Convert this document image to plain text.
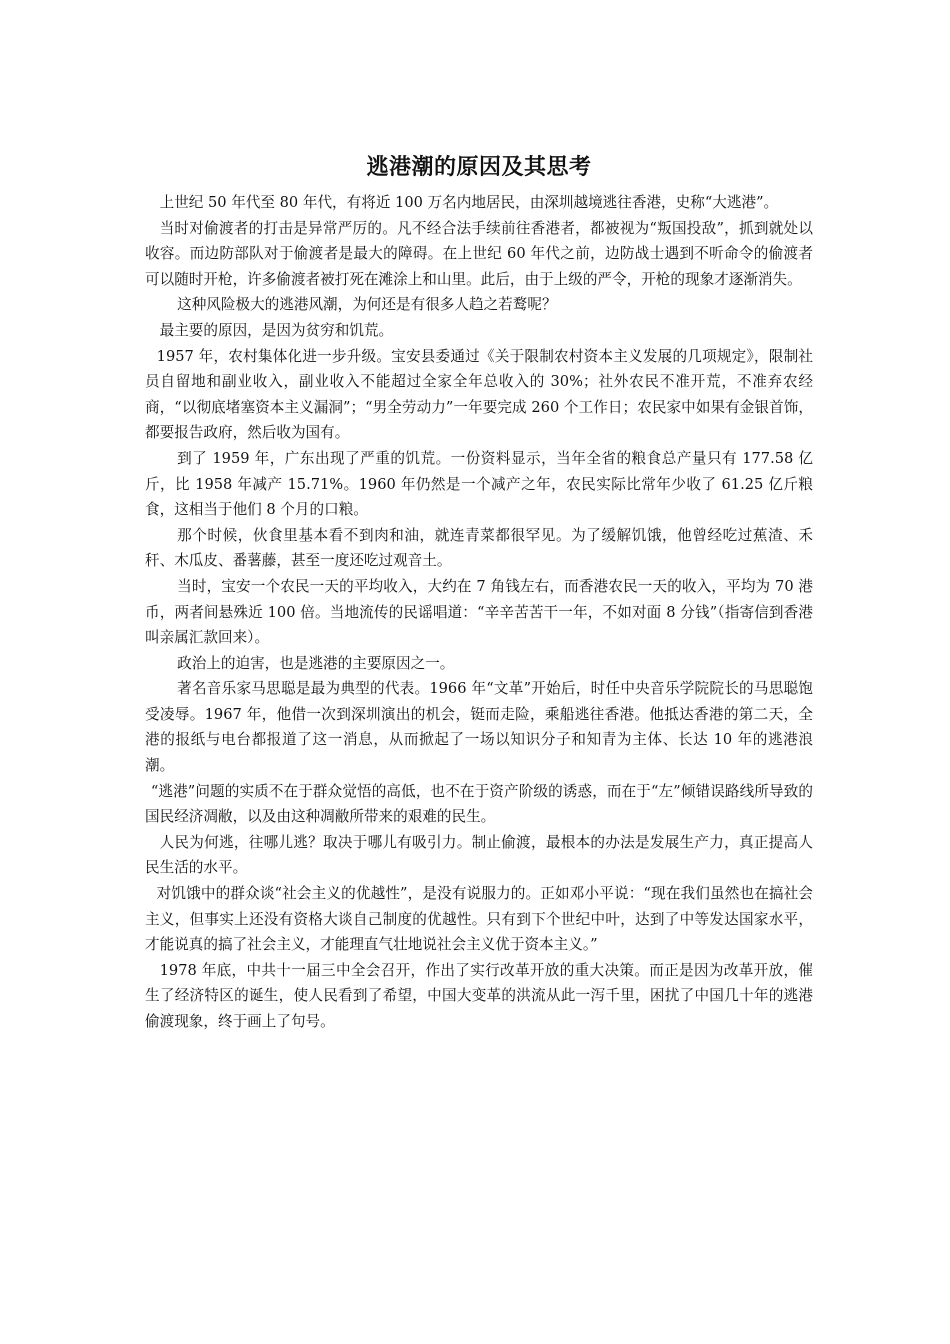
逃港潮的原因及其思考

上世纪 50 年代至 80 年代，有将近 100 万名内地居民，由深圳越境逃往香港，史称“大逃港”。

当时对偷渡者的打击是异常严厉的。凡不经合法手续前往香港者，都被视为“叛国投敌”，抓到就处以收容。而边防部队对于偷渡者是最大的障碍。在上世纪 60 年代之前，边防战士遇到不听命令的偷渡者可以随时开枪，许多偷渡者被打死在滩涂上和山里。此后，由于上级的严令，开枪的现象才逐渐消失。

这种风险极大的逃港风潮，为何还是有很多人趋之若鹜呢？

最主要的原因，是因为贫穷和饥荒。

1957 年，农村集体化进一步升级。宝安县委通过《关于限制农村资本主义发展的几项规定》，限制社员自留地和副业收入，副业收入不能超过全家全年总收入的 30%；社外农民不准开荒，不准弃农经商，“以彻底堵塞资本主义漏洞”；“男全劳动力”一年要完成 260 个工作日；农民家中如果有金银首饰，都要报告政府，然后收为国有。

到了 1959 年，广东出现了严重的饥荒。一份资料显示，当年全省的粮食总产量只有 177.58 亿斤，比 1958 年减产 15.71%。1960 年仍然是一个减产之年，农民实际比常年少收了 61.25 亿斤粮食，这相当于他们 8 个月的口粮。

那个时候，伙食里基本看不到肉和油，就连青菜都很罕见。为了缓解饥饿，他曾经吃过蕉渣、禾秆、木瓜皮、番薯藤，甚至一度还吃过观音土。

当时，宝安一个农民一天的平均收入，大约在 7 角钱左右，而香港农民一天的收入，平均为 70 港币，两者间悬殊近 100 倍。当地流传的民谣唱道：“辛辛苦苦干一年，不如对面 8 分钱”（指寄信到香港叫亲属汇款回来）。

政治上的迫害，也是逃港的主要原因之一。

著名音乐家马思聪是最为典型的代表。1966 年“文革”开始后，时任中央音乐学院院长的马思聪饱受凌辱。1967 年，他借一次到深圳演出的机会，铤而走险，乘船逃往香港。他抵达香港的第二天，全港的报纸与电台都报道了这一消息，从而掀起了一场以知识分子和知青为主体、长达 10 年的逃港浪潮。

“逃港”问题的实质不在于群众觉悟的高低，也不在于资产阶级的诱惑，而在于“左”倾错误路线所导致的国民经济凋敝，以及由这种凋敝所带来的艰难的民生。

人民为何逃，往哪儿逃？取决于哪儿有吸引力。制止偷渡，最根本的办法是发展生产力，真正提高人民生活的水平。

对饥饿中的群众谈“社会主义的优越性”，是没有说服力的。正如邓小平说：“现在我们虽然也在搞社会主义，但事实上还没有资格大谈自己制度的优越性。只有到下个世纪中叶，达到了中等发达国家水平，才能说真的搞了社会主义，才能理直气壮地说社会主义优于资本主义。”

1978 年底，中共十一届三中全会召开，作出了实行改革开放的重大决策。而正是因为改革开放，催生了经济特区的诞生，使人民看到了希望，中国大变革的洪流从此一泻千里，困扰了中国几十年的逃港偷渡现象，终于画上了句号。
